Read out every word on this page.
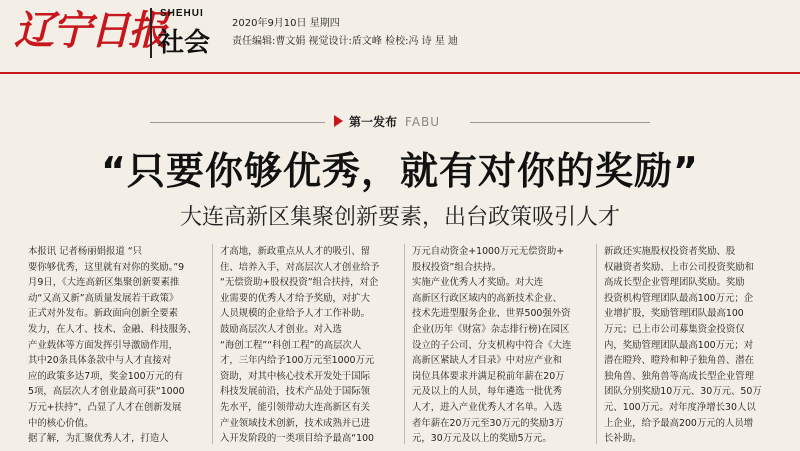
辽宁日报
SHEHUI
社会
2020年9月10日 星期四
责任编辑:曹文娟 视觉设计:盾文峰 检校:冯 诗 星 迪
第一发布 FABU
“只要你够优秀，就有对你的奖励”
大连高新区集聚创新要素，出台政策吸引人才
本报讯 记者杨丽娟报道 “只
要你够优秀，这里就有对你的奖励。”9
月9日，《大连高新区集聚创新要素推
动“又高又新”高质量发展若干政策》
正式对外发布。新政面向创新全要素
发力，在人才、技术、金融、科技服务、
产业载体等方面发挥引导激励作用，
其中20条具体条款中与人才直接对
应的政策多达7项，奖金100万元的有
5项，高层次人才创业最高可获“1000
万元+扶持”，凸显了人才在创新发展
中的核心价值。
据了解，为汇聚优秀人才，打造人
才高地，新政重点从人才的吸引、留
住、培养入手，对高层次人才创业给予
“无偿资助+股权投资”组合扶持，对企
业需要的优秀人才给予奖励，对扩大
人员规模的企业给予人才工作补助。
鼓励高层次人才创业。对入选
“海创工程”“科创工程”的高层次人
才，三年内给予100万元至1000万元
资助，对其中核心技术开发处于国际
科技发展前沿，技术产品处于国际领
先水平，能引领带动大连高新区有关
产业领域技术创新，技术成熟并已进
入开发阶段的一类项目给予最高“100
万元自动资金+1000万元无偿资助+
股权投资”组合扶持。
实施产业优秀人才奖励。对大连
高新区行政区域内的高新技术企业、
技术先进型服务企业、世界500强外资
企业(历年《财富》杂志排行榜)在园区
设立的子公司、分支机构中符合《大连
高新区紧缺人才目录》中对应产业和
岗位具体要求并满足税前年薪在20万
元及以上的人员，每年遴选一批优秀
人才，进入产业优秀人才名单。入选
者年薪在20万元至30万元的奖励3万
元，30万元及以上的奖励5万元。
新政还实施股权投资者奖励、股
权融资者奖励、上市公司投资奖励和
高成长型企业管理团队奖励。奖励
投资机构管理团队最高100万元；企
业增扩股，奖励管理团队最高100
万元；已上市公司募集资金投资仅
内，奖励管理团队最高100万元；对
潜在瞪羚、瞪羚和种子独角兽、潜在
独角兽、独角兽等高成长型企业管理
团队分别奖励10万元、30万元、50万
元、100万元。对年度净增长30人以
上企业，给予最高200万元的人员增
长补助。
